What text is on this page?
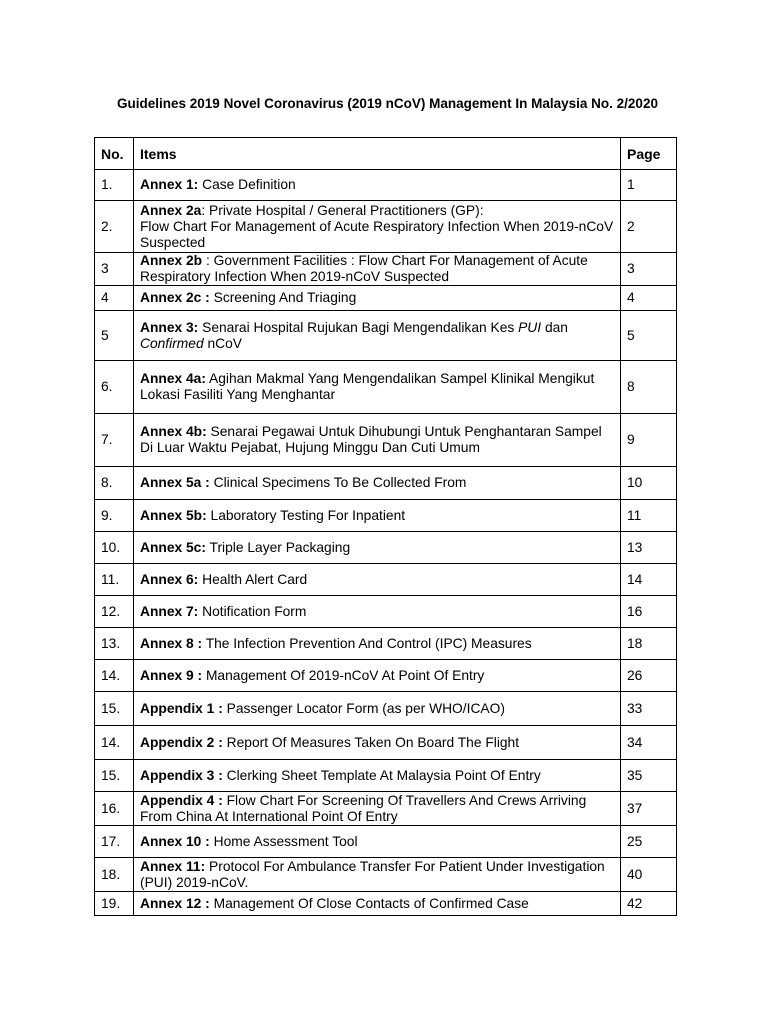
Guidelines 2019 Novel Coronavirus (2019 nCoV) Management In Malaysia No. 2/2020
No.	Items	Page
1.	Annex 1: Case Definition	1
2.	Annex 2a: Private Hospital / General Practitioners (GP):
Flow Chart For Management of Acute Respiratory Infection When 2019-nCoV Suspected	2
3	Annex 2b : Government Facilities : Flow Chart For Management of Acute Respiratory Infection When 2019-nCoV Suspected	3
4	Annex 2c : Screening And Triaging	4
5	Annex 3: Senarai Hospital Rujukan Bagi Mengendalikan Kes PUI dan Confirmed nCoV	5
6.	Annex 4a: Agihan Makmal Yang Mengendalikan Sampel Klinikal Mengikut Lokasi Fasiliti Yang Menghantar	8
7.	Annex 4b: Senarai Pegawai Untuk Dihubungi Untuk Penghantaran Sampel Di Luar Waktu Pejabat, Hujung Minggu Dan Cuti Umum	9
8.	Annex 5a : Clinical Specimens To Be Collected From	10
9.	Annex 5b: Laboratory Testing For Inpatient	11
10.	Annex 5c: Triple Layer Packaging	13
11.	Annex 6: Health Alert Card	14
12.	Annex 7: Notification Form	16
13.	Annex 8 : The Infection Prevention And Control (IPC) Measures	18
14.	Annex 9 : Management Of 2019-nCoV At Point Of Entry	26
15.	Appendix 1 : Passenger Locator Form (as per WHO/ICAO)	33
14.	Appendix 2 : Report Of Measures Taken On Board The Flight	34
15.	Appendix 3 : Clerking Sheet Template At Malaysia Point Of Entry	35
16.	Appendix 4 : Flow Chart For Screening Of Travellers And Crews Arriving From China At International Point Of Entry	37
17.	Annex 10 : Home Assessment Tool	25
18.	Annex 11: Protocol For Ambulance Transfer For Patient Under Investigation (PUI) 2019-nCoV.	40
19.	Annex 12 : Management Of Close Contacts of Confirmed Case	42
